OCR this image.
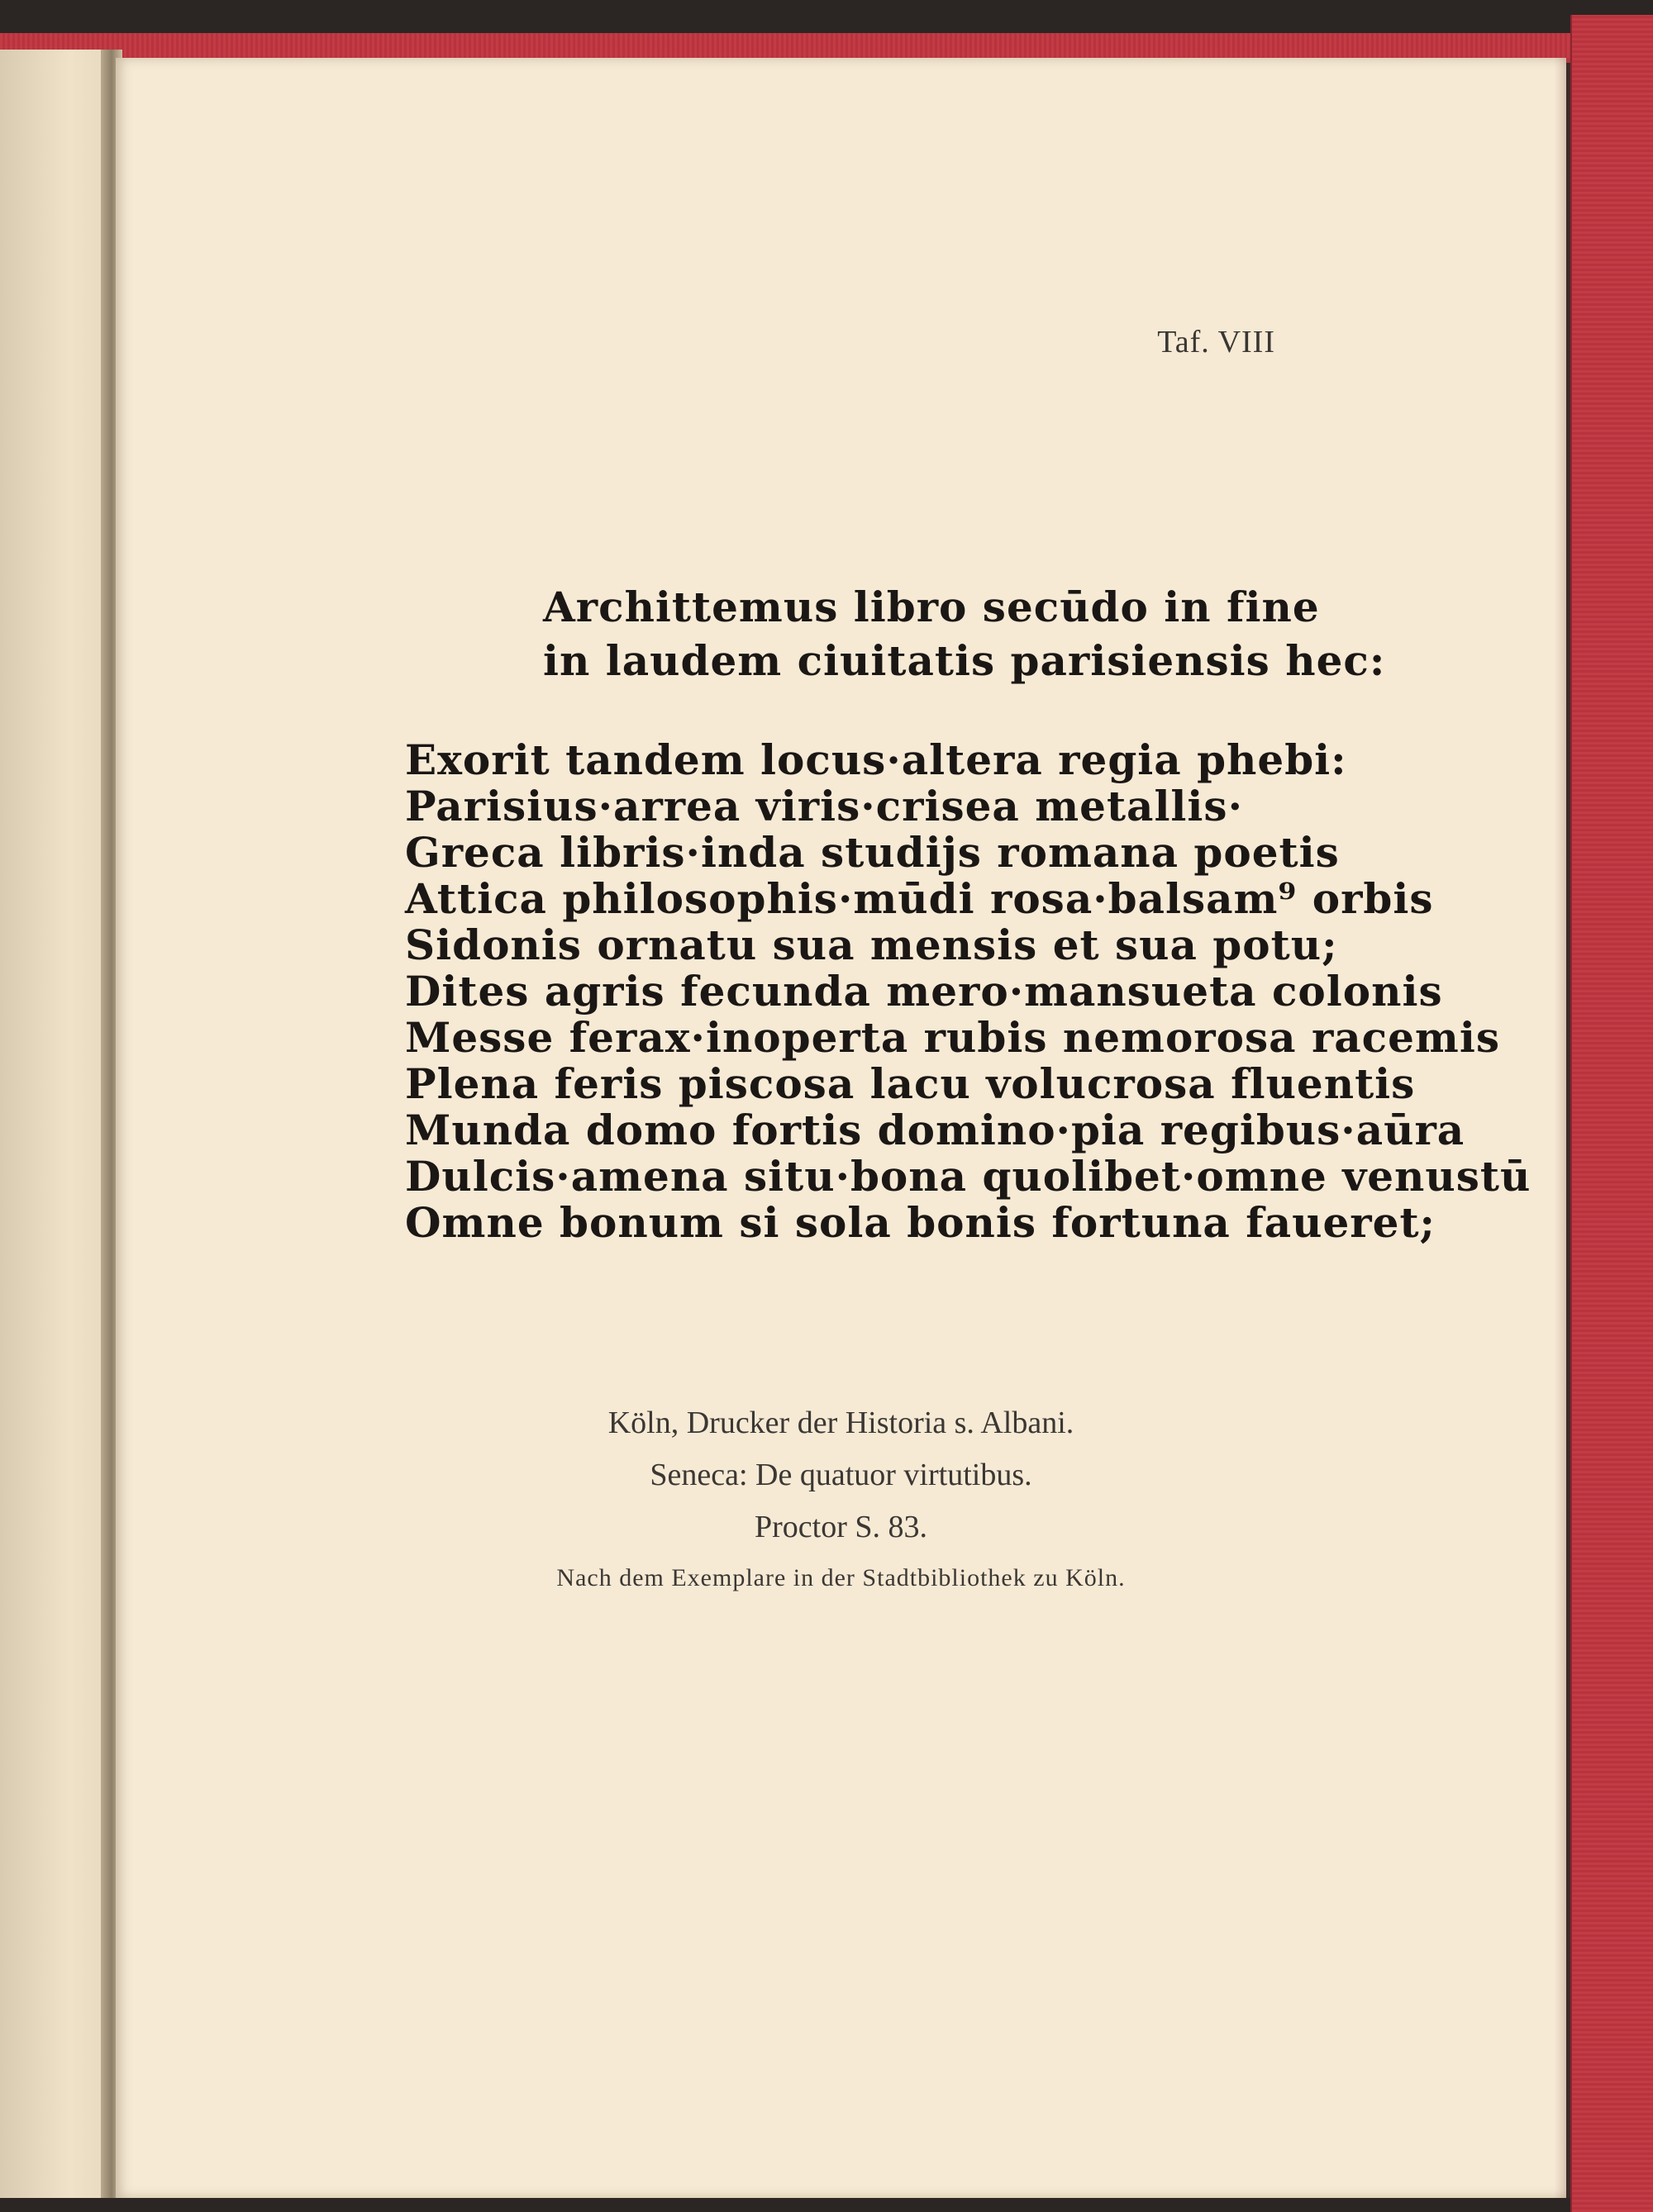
Taf. VIII
Archittemus libro secūdo in fine
in laudem ciuitatis parisiensis hec:
Exorit tandem locus·altera regia phebi:
Parisius·arrea viris·crisea metallis·
Greca libris·inda studijs romana poetis
Attica philosophis·mūdi rosa·balsam⁹ orbis
Sidonis ornatu sua mensis et sua potu;
Dites agris fecunda mero·mansueta colonis
Messe ferax·inoperta rubis nemorosa racemis
Plena feris piscosa lacu volucrosa fluentis
Munda domo fortis domino·pia regibus·aūra
Dulcis·amena situ·bona quolibet·omne venustū
Omne bonum si sola bonis fortuna faueret;
Köln, Drucker der Historia s. Albani.
Seneca: De quatuor virtutibus.
Proctor S. 83.
Nach dem Exemplare in der Stadtbibliothek zu Köln.
